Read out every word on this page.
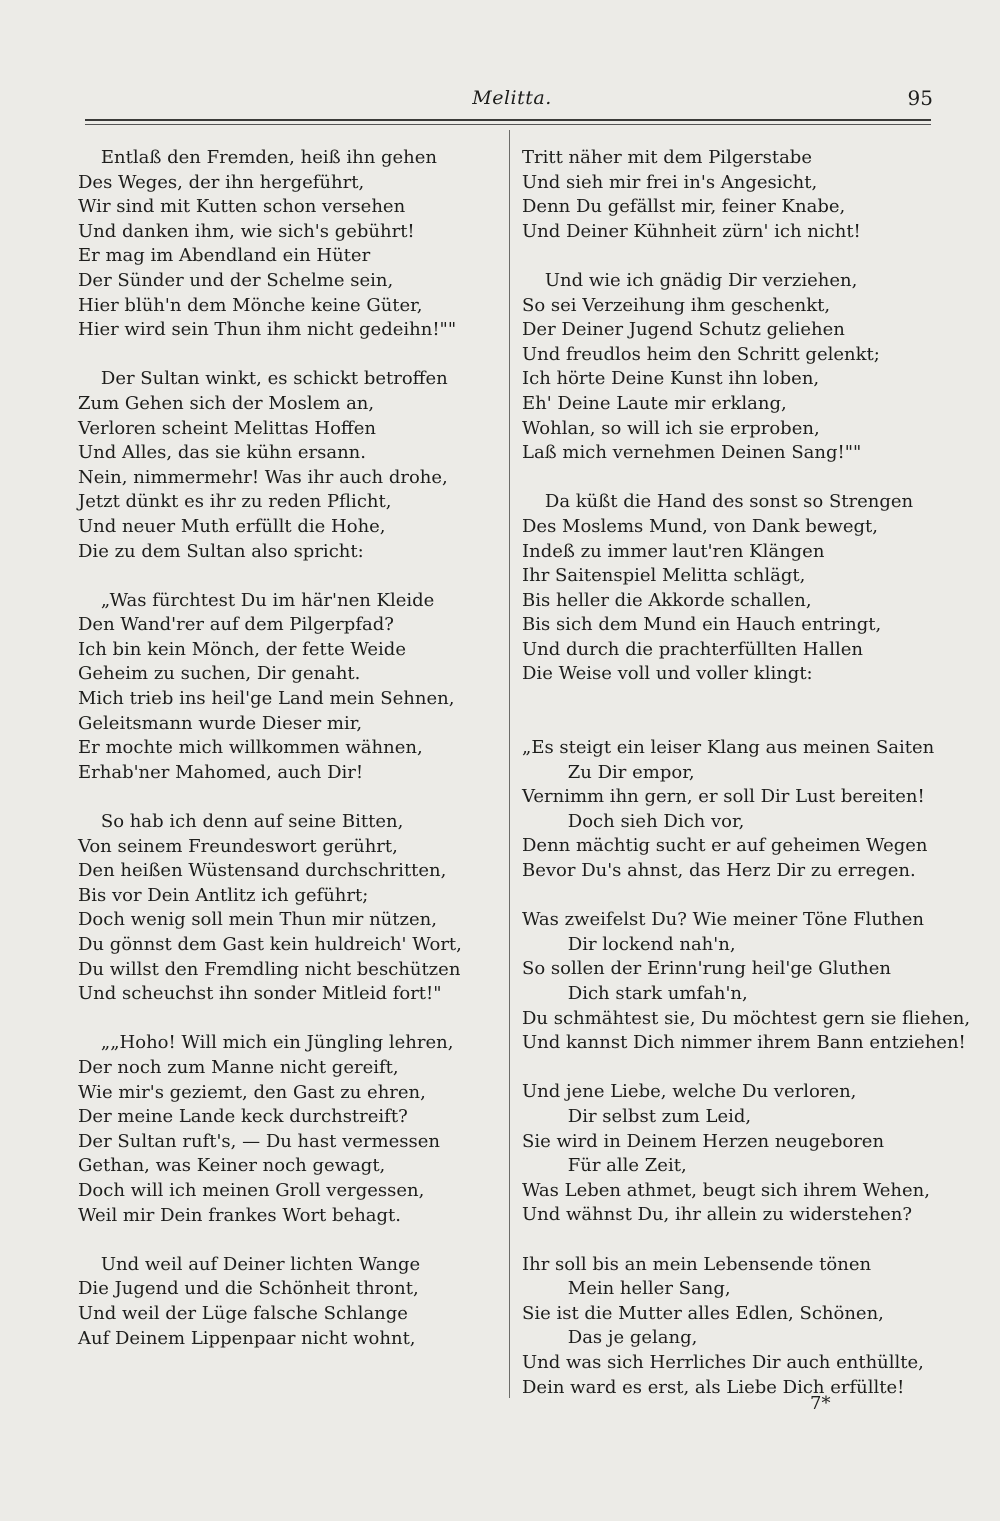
Melitta.	95
Entlaß den Fremden, heiß ihn gehen
Des Weges, der ihn hergeführt,
Wir sind mit Kutten schon versehen
Und danken ihm, wie sich's gebührt!
Er mag im Abendland ein Hüter
Der Sünder und der Schelme sein,
Hier blüh'n dem Mönche keine Güter,
Hier wird sein Thun ihm nicht gedeihn!""
Der Sultan winkt, es schickt betroffen
Zum Gehen sich der Moslem an,
Verloren scheint Melittas Hoffen
Und Alles, das sie kühn ersann.
Nein, nimmermehr! Was ihr auch drohe,
Jetzt dünkt es ihr zu reden Pflicht,
Und neuer Muth erfüllt die Hohe,
Die zu dem Sultan also spricht:
„Was fürchtest Du im här'nen Kleide
Den Wand'rer auf dem Pilgerpfad?
Ich bin kein Mönch, der fette Weide
Geheim zu suchen, Dir genaht.
Mich trieb ins heil'ge Land mein Sehnen,
Geleitsmann wurde Dieser mir,
Er mochte mich willkommen wähnen,
Erhab'ner Mahomed, auch Dir!
So hab ich denn auf seine Bitten,
Von seinem Freundeswort gerührt,
Den heißen Wüstensand durchschritten,
Bis vor Dein Antlitz ich geführt;
Doch wenig soll mein Thun mir nützen,
Du gönnst dem Gast kein huldreich' Wort,
Du willst den Fremdling nicht beschützen
Und scheuchst ihn sonder Mitleid fort!"
„„Hoho! Will mich ein Jüngling lehren,
Der noch zum Manne nicht gereift,
Wie mir's geziemt, den Gast zu ehren,
Der meine Lande keck durchstreift?
Der Sultan ruft's, — Du hast vermessen
Gethan, was Keiner noch gewagt,
Doch will ich meinen Groll vergessen,
Weil mir Dein frankes Wort behagt.
Und weil auf Deiner lichten Wange
Die Jugend und die Schönheit thront,
Und weil der Lüge falsche Schlange
Auf Deinem Lippenpaar nicht wohnt,
Tritt näher mit dem Pilgerstabe
Und sieh mir frei in's Angesicht,
Denn Du gefällst mir, feiner Knabe,
Und Deiner Kühnheit zürn' ich nicht!
Und wie ich gnädig Dir verziehen,
So sei Verzeihung ihm geschenkt,
Der Deiner Jugend Schutz geliehen
Und freudlos heim den Schritt gelenkt;
Ich hörte Deine Kunst ihn loben,
Eh' Deine Laute mir erklang,
Wohlan, so will ich sie erproben,
Laß mich vernehmen Deinen Sang!""
Da küßt die Hand des sonst so Strengen
Des Moslems Mund, von Dank bewegt,
Indeß zu immer laut'ren Klängen
Ihr Saitenspiel Melitta schlägt,
Bis heller die Akkorde schallen,
Bis sich dem Mund ein Hauch entringt,
Und durch die prachterfüllten Hallen
Die Weise voll und voller klingt:
„Es steigt ein leiser Klang aus meinen Saiten
Zu Dir empor,
Vernimm ihn gern, er soll Dir Lust bereiten!
Doch sieh Dich vor,
Denn mächtig sucht er auf geheimen Wegen
Bevor Du's ahnst, das Herz Dir zu erregen.
Was zweifelst Du? Wie meiner Töne Fluthen
Dir lockend nah'n,
So sollen der Erinn'rung heil'ge Gluthen
Dich stark umfah'n,
Du schmähtest sie, Du möchtest gern sie fliehen,
Und kannst Dich nimmer ihrem Bann entziehen!
Und jene Liebe, welche Du verloren,
Dir selbst zum Leid,
Sie wird in Deinem Herzen neugeboren
Für alle Zeit,
Was Leben athmet, beugt sich ihrem Wehen,
Und wähnst Du, ihr allein zu widerstehen?
Ihr soll bis an mein Lebensende tönen
Mein heller Sang,
Sie ist die Mutter alles Edlen, Schönen,
Das je gelang,
Und was sich Herrliches Dir auch enthüllte,
Dein ward es erst, als Liebe Dich erfüllte!
7*
